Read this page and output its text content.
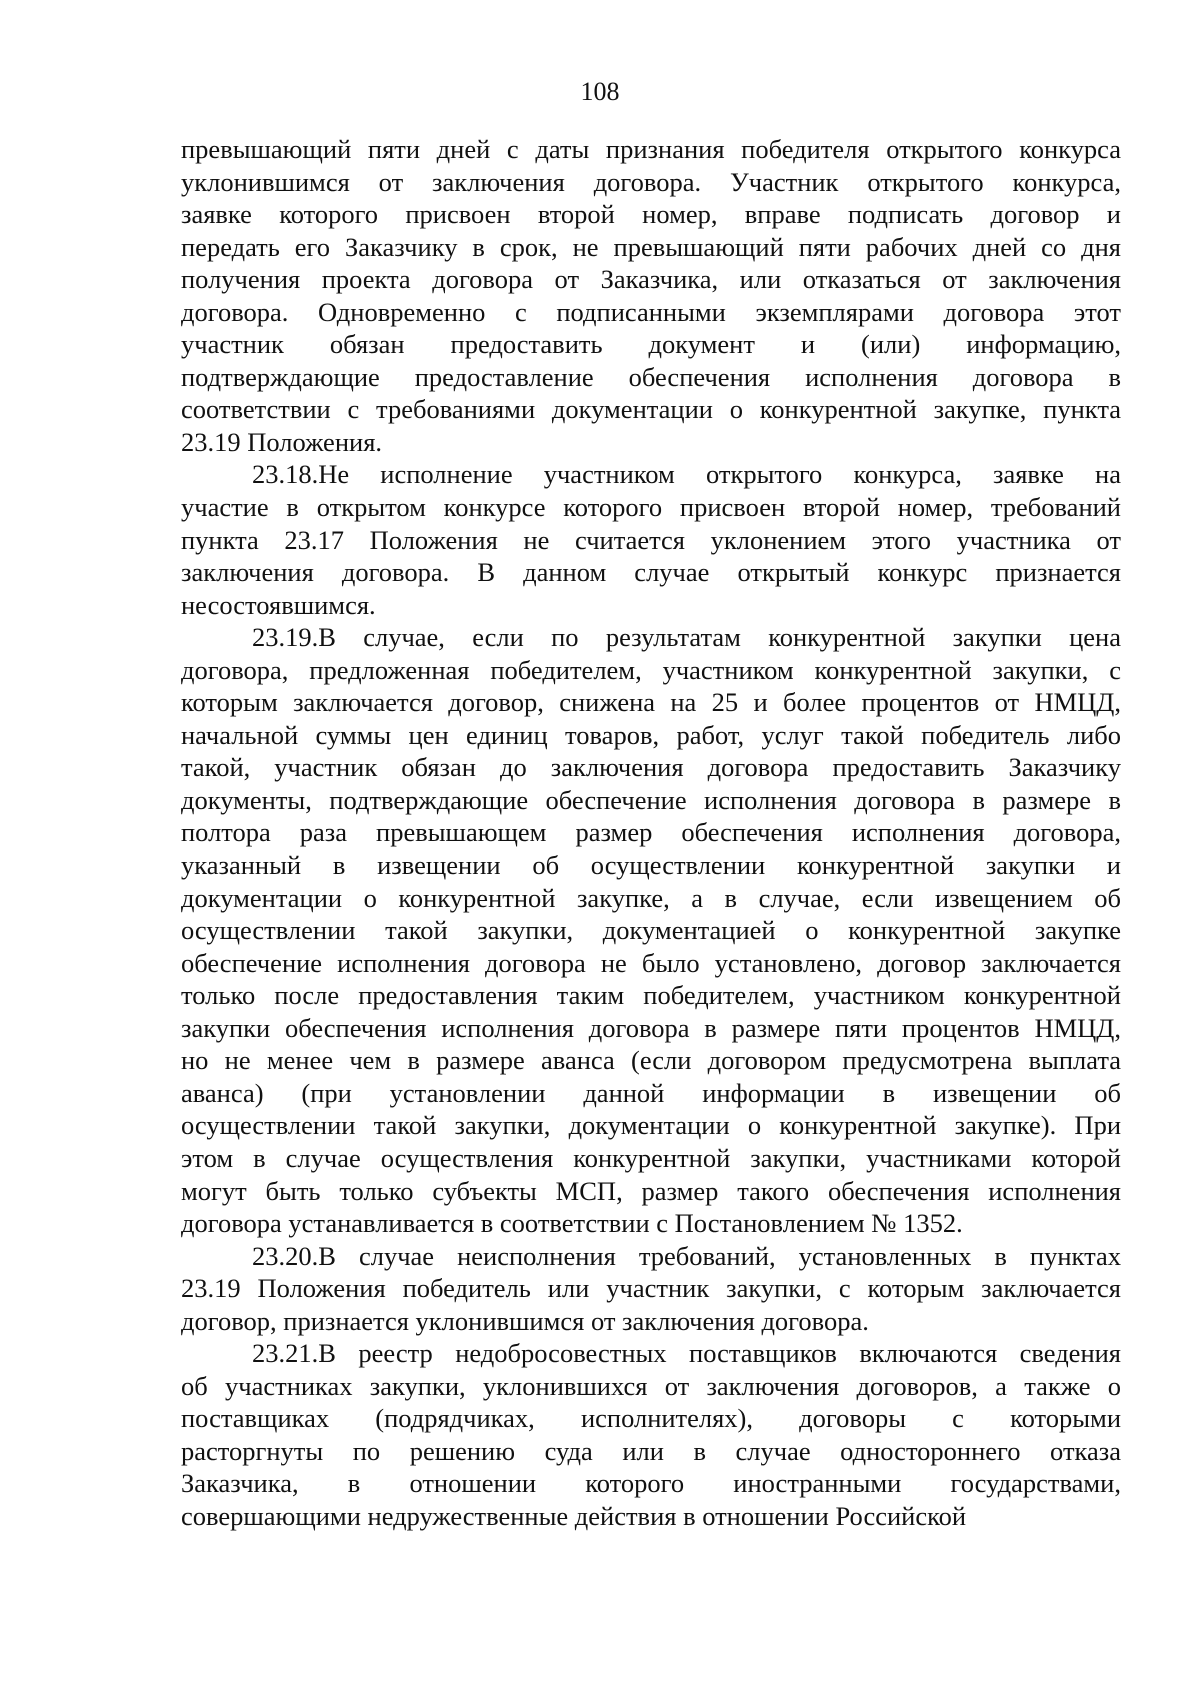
108
превышающий пяти дней с даты признания победителя открытого конкурса
уклонившимся от заключения договора. Участник открытого конкурса,
заявке которого присвоен второй номер, вправе подписать договор и
передать его Заказчику в срок, не превышающий пяти рабочих дней со дня
получения проекта договора от Заказчика, или отказаться от заключения
договора. Одновременно с подписанными экземплярами договора этот
участник обязан предоставить документ и (или) информацию,
подтверждающие предоставление обеспечения исполнения договора в
соответствии с требованиями документации о конкурентной закупке, пункта
23.19 Положения.
23.18.Не исполнение участником открытого конкурса, заявке на
участие в открытом конкурсе которого присвоен второй номер, требований
пункта 23.17 Положения не считается уклонением этого участника от
заключения договора. В данном случае открытый конкурс признается
несостоявшимся.
23.19.В случае, если по результатам конкурентной закупки цена
договора, предложенная победителем, участником конкурентной закупки, с
которым заключается договор, снижена на 25 и более процентов от НМЦД,
начальной суммы цен единиц товаров, работ, услуг такой победитель либо
такой, участник обязан до заключения договора предоставить Заказчику
документы, подтверждающие обеспечение исполнения договора в размере в
полтора раза превышающем размер обеспечения исполнения договора,
указанный в извещении об осуществлении конкурентной закупки и
документации о конкурентной закупке, а в случае, если извещением об
осуществлении такой закупки, документацией о конкурентной закупке
обеспечение исполнения договора не было установлено, договор заключается
только после предоставления таким победителем, участником конкурентной
закупки обеспечения исполнения договора в размере пяти процентов НМЦД,
но не менее чем в размере аванса (если договором предусмотрена выплата
аванса) (при установлении данной информации в извещении об
осуществлении такой закупки, документации о конкурентной закупке). При
этом в случае осуществления конкурентной закупки, участниками которой
могут быть только субъекты МСП, размер такого обеспечения исполнения
договора устанавливается в соответствии с Постановлением № 1352.
23.20.В случае неисполнения требований, установленных в пунктах
23.19 Положения победитель или участник закупки, с которым заключается
договор, признается уклонившимся от заключения договора.
23.21.В реестр недобросовестных поставщиков включаются сведения
об участниках закупки, уклонившихся от заключения договоров, а также о
поставщиках (подрядчиках, исполнителях), договоры с которыми
расторгнуты по решению суда или в случае одностороннего отказа
Заказчика, в отношении которого иностранными государствами,
совершающими недружественные действия в отношении Российской
